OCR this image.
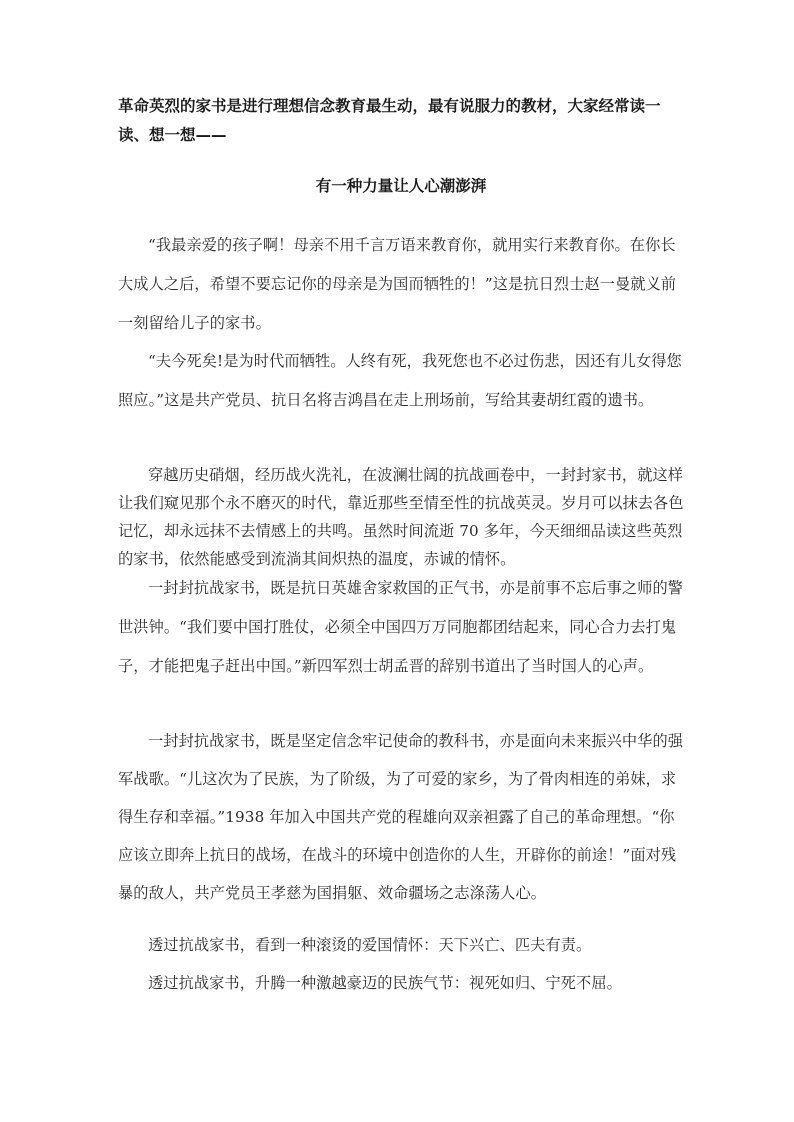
革命英烈的家书是进行理想信念教育最生动，最有说服力的教材，大家经常读一读、想一想——
有一种力量让人心潮澎湃

“我最亲爱的孩子啊！母亲不用千言万语来教育你，就用实行来教育你。在你长大成人之后，希望不要忘记你的母亲是为国而牺牲的！”这是抗日烈士赵一曼就义前一刻留给儿子的家书。

“夫今死矣!是为时代而牺牲。人终有死，我死您也不必过伤悲，因还有儿女得您照应。”这是共产党员、抗日名将吉鸿昌在走上刑场前，写给其妻胡红霞的遗书。

穿越历史硝烟，经历战火洗礼，在波澜壮阔的抗战画卷中，一封封家书，就这样让我们窥见那个永不磨灭的时代，靠近那些至情至性的抗战英灵。岁月可以抹去各色记忆，却永远抹不去情感上的共鸣。虽然时间流逝 70 多年，今天细细品读这些英烈的家书，依然能感受到流淌其间炽热的温度，赤诚的情怀。

一封封抗战家书，既是抗日英雄舍家救国的正气书，亦是前事不忘后事之师的警世洪钟。“我们要中国打胜仗，必须全中国四万万同胞都团结起来，同心合力去打鬼子，才能把鬼子赶出中国。”新四军烈士胡孟晋的辞别书道出了当时国人的心声。

一封封抗战家书，既是坚定信念牢记使命的教科书，亦是面向未来振兴中华的强军战歌。“儿这次为了民族，为了阶级，为了可爱的家乡，为了骨肉相连的弟妹，求得生存和幸福。”1938 年加入中国共产党的程雄向双亲袒露了自己的革命理想。“你应该立即奔上抗日的战场，在战斗的环境中创造你的人生，开辟你的前途！”面对残暴的敌人，共产党员王孝慈为国捐躯、效命疆场之志涤荡人心。

透过抗战家书，看到一种滚烫的爱国情怀：天下兴亡、匹夫有责。

透过抗战家书，升腾一种激越豪迈的民族气节：视死如归、宁死不屈。
